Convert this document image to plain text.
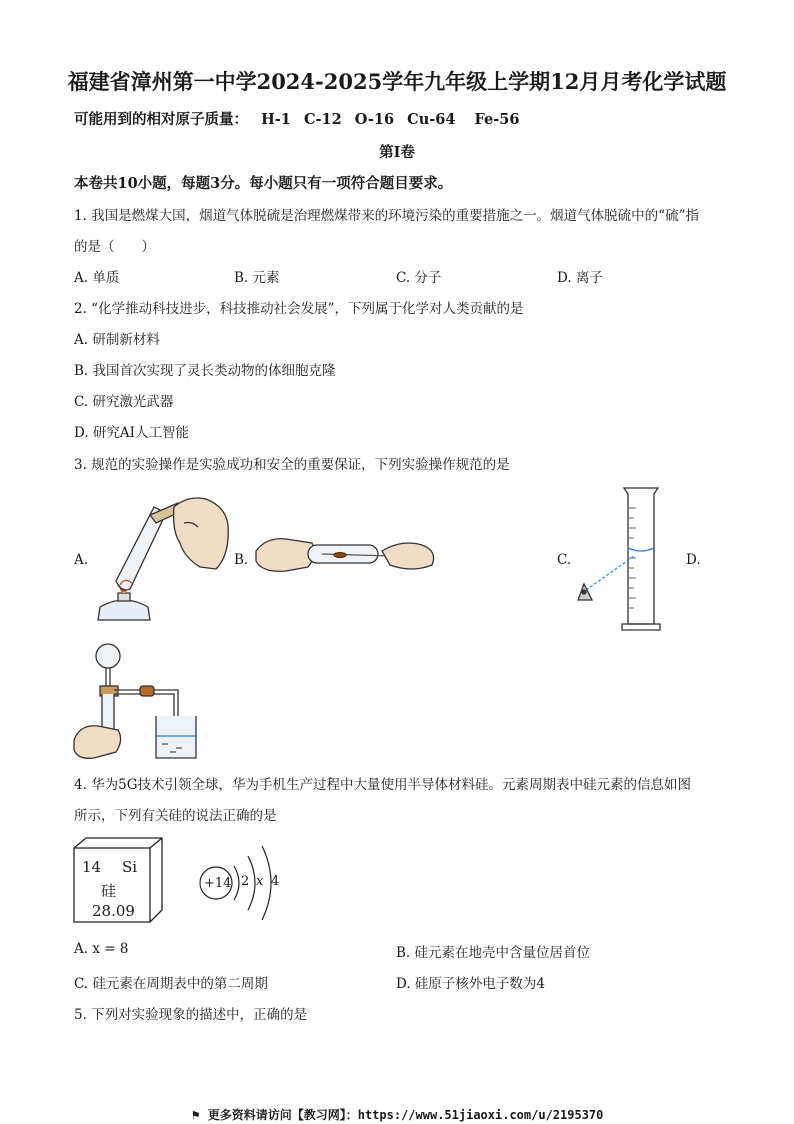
福建省漳州第一中学2024-2025学年九年级上学期12月月考化学试题
可能用到的相对原子质量： H-1 C-12 O-16 Cu-64 Fe-56
第I卷
本卷共10小题，每题3分。每小题只有一项符合题目要求。
1. 我国是燃煤大国，烟道气体脱硫是治理燃煤带来的环境污染的重要措施之一。烟道气体脱硫中的“硫”指
的是（　　）
A. 单质	B. 元素	C. 分子	D. 离子
2. “化学推动科技进步，科技推动社会发展”，下列属于化学对人类贡献的是
A. 研制新材料
B. 我国首次实现了灵长类动物的体细胞克隆
C. 研究激光武器
D. 研究AI人工智能
3. 规范的实验操作是实验成功和安全的重要保证，下列实验操作规范的是
A.	B.	C.	D.
4. 华为5G技术引领全球，华为手机生产过程中大量使用半导体材料硅。元素周期表中硅元素的信息如图
所示，下列有关硅的说法正确的是
14 Si
硅
28.09
+14 2 x 4
A. x = 8	B. 硅元素在地壳中含量位居首位
C. 硅元素在周期表中的第二周期	D. 硅原子核外电子数为4
5. 下列对实验现象的描述中，正确的是
⚑ 更多资料请访问【教习网】：https://www.51jiaoxi.com/u/2195370
